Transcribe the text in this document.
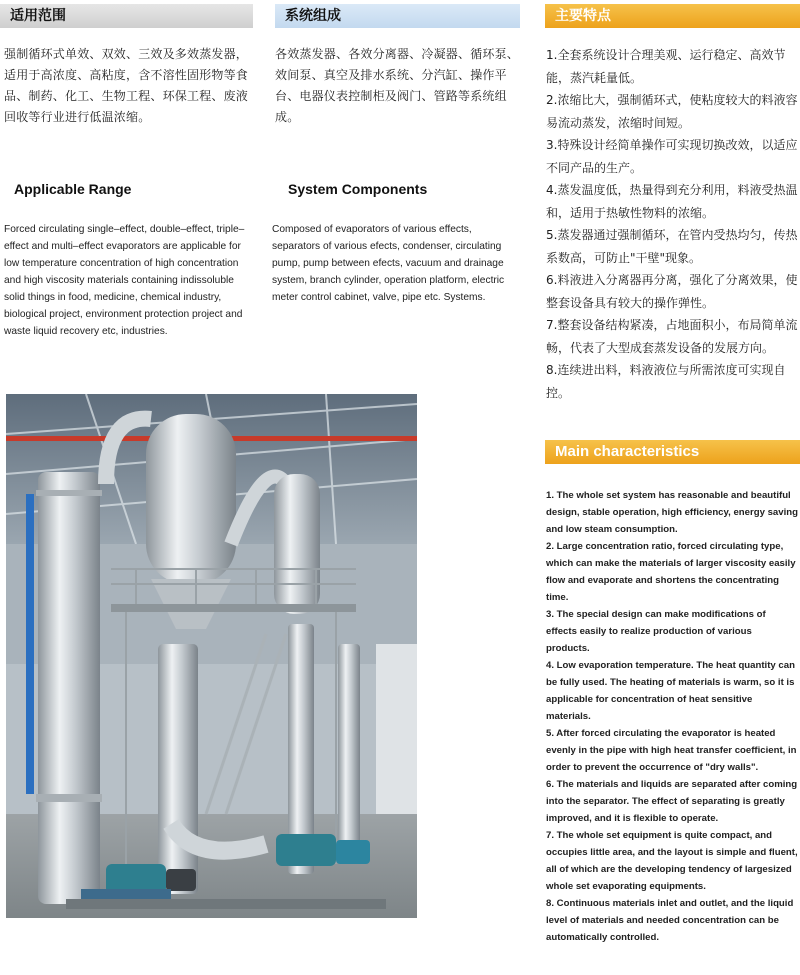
适用范围
强制循环式单效、双效、三效及多效蒸发器，适用于高浓度、高粘度，含不溶性固形物等食品、制药、化工、生物工程、环保工程、废液回收等行业进行低温浓缩。
Applicable Range
Forced circulating single–effect, double–effect, triple–effect and multi–effect evaporators are applicable for low temperature concentration of high concentration and high viscosity materials containing indissoluble solid things in food, medicine, chemical industry, biological project, environment protection project and waste liquid recovery etc, industries.
系统组成
各效蒸发器、各效分离器、冷凝器、循环泵、效间泵、真空及排水系统、分汽缸、操作平台、电器仪表控制柜及阀门、管路等系统组成。
System Components
Composed of evaporators of various effects, separators of various efects, condenser, circulating pump, pump between efects, vacuum and drainage system, branch cylinder, operation platform, electric meter control cabinet, valve, pipe etc. Systems.
主要特点

1.全套系统设计合理美观、运行稳定、高效节能，蒸汽耗量低。

2.浓缩比大，强制循环式，使粘度较大的料液容易流动蒸发，浓缩时间短。

3.特殊设计经简单操作可实现切换改效，以适应不同产品的生产。

4.蒸发温度低，热量得到充分利用，料液受热温和，适用于热敏性物料的浓缩。

5.蒸发器通过强制循环，在管内受热均匀，传热系数高，可防止"干壁"现象。

6.料液进入分离器再分离，强化了分离效果，使整套设备具有较大的操作弹性。

7.整套设备结构紧凑，占地面积小，布局简单流畅，代表了大型成套蒸发设备的发展方向。

8.连续进出料，料液液位与所需浓度可实现自控。

Main characteristics

1. The whole set system has reasonable and beautiful design, stable operation, high efficiency, energy saving and low steam consumption.

2. Large concentration ratio, forced circulating type, which can make the materials of larger viscosity easily flow and evaporate and shortens the concentrating time.

3. The special design can make modifications of effects easily to realize production of various products.

4. Low evaporation temperature. The heat quantity can be fully used. The heating of materials is warm, so it is applicable for concentration of heat sensitive materials.

5. After forced circulating the evaporator is heated evenly in the pipe with high heat transfer coefficient, in order to prevent the occurrence of "dry walls".

6. The materials and liquids are separated after coming into the separator. The effect of separating is greatly improved, and it is flexible to operate.

7. The whole set equipment is quite compact, and occupies little area, and the layout is simple and fluent, all of which are the developing tendency of largesized whole set evaporating equipments.

8. Continuous materials inlet and outlet, and the liquid level of materials and needed concentration can be automatically controlled.
